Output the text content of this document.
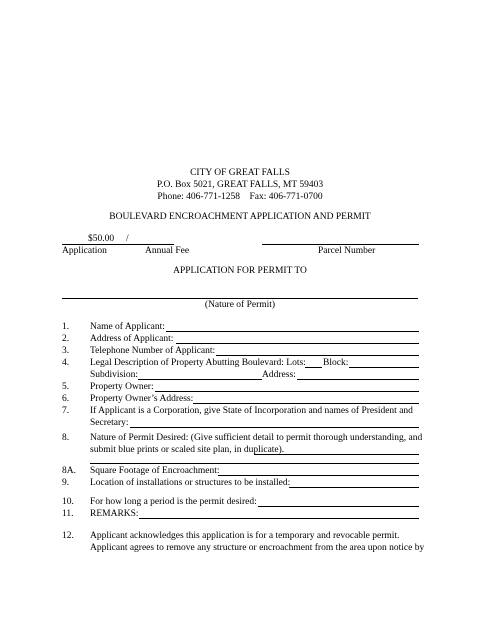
CITY OF GREAT FALLS
P.O. Box 5021, GREAT FALLS, MT 59403
Phone: 406-771-1258 Fax: 406-771-0700
BOULEVARD ENCROACHMENT APPLICATION AND PERMIT
$50.00 /
Application	Annual Fee	Parcel Number
APPLICATION FOR PERMIT TO
(Nature of Permit)
1.	Name of Applicant:
2.	Address of Applicant:
3.	Telephone Number of Applicant:
4.	Legal Description of Property Abutting Boulevard: Lots: Block:
Subdivision:	Address:
5.	Property Owner:
6.	Property Owner’s Address:
7.	If Applicant is a Corporation, give State of Incorporation and names of President and
Secretary:
8.	Nature of Permit Desired: (Give sufficient detail to permit thorough understanding, and
submit blue prints or scaled site plan, in duplicate).
8A.	Square Footage of Encroachment:
9.	Location of installations or structures to be installed:
10.	For how long a period is the permit desired:
11.	REMARKS:
12.	Applicant acknowledges this application is for a temporary and revocable permit.
Applicant agrees to remove any structure or encroachment from the area upon notice by
